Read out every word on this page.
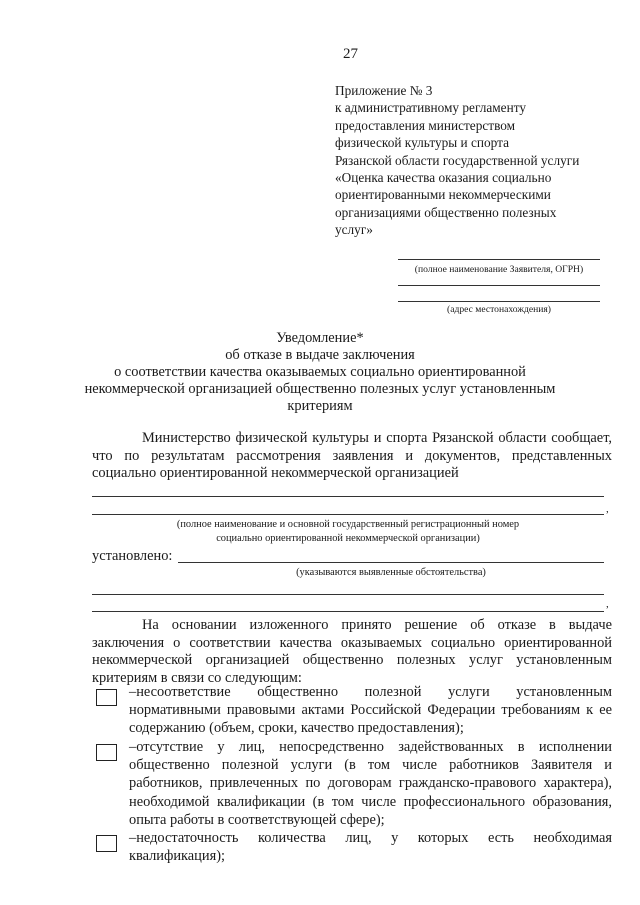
27
Приложение № 3
к административному регламенту
предоставления министерством
физической культуры и спорта
Рязанской области государственной услуги
«Оценка качества оказания социально
ориентированными некоммерческими
организациями общественно полезных
услуг»
(полное наименование Заявителя, ОГРН)
(адрес местонахождения)
Уведомление*
об отказе в выдаче заключения
о соответствии качества оказываемых социально ориентированной
некоммерческой организацией общественно полезных услуг установленным
критериям
Министерство физической культуры и спорта Рязанской области сообщает, что по результатам рассмотрения заявления и документов, представленных социально ориентированной некоммерческой организацией
,
(полное наименование и основной государственный регистрационный номер
социально ориентированной некоммерческой организации)
установлено:
(указываются выявленные обстоятельства)
,
На основании изложенного принято решение об отказе в выдаче заключения о соответствии качества оказываемых социально ориентированной некоммерческой организацией общественно полезных услуг установленным критериям в связи со следующим:
–несоответствие общественно полезной услуги установленным нормативными правовыми актами Российской Федерации требованиям к ее содержанию (объем, сроки, качество предоставления);
–отсутствие у лиц, непосредственно задействованных в исполнении общественно полезной услуги (в том числе работников Заявителя и работников, привлеченных по договорам гражданско-правового характера), необходимой квалификации (в том числе профессионального образования, опыта работы в соответствующей сфере);
–недостаточность количества лиц, у которых есть необходимая квалификация);
